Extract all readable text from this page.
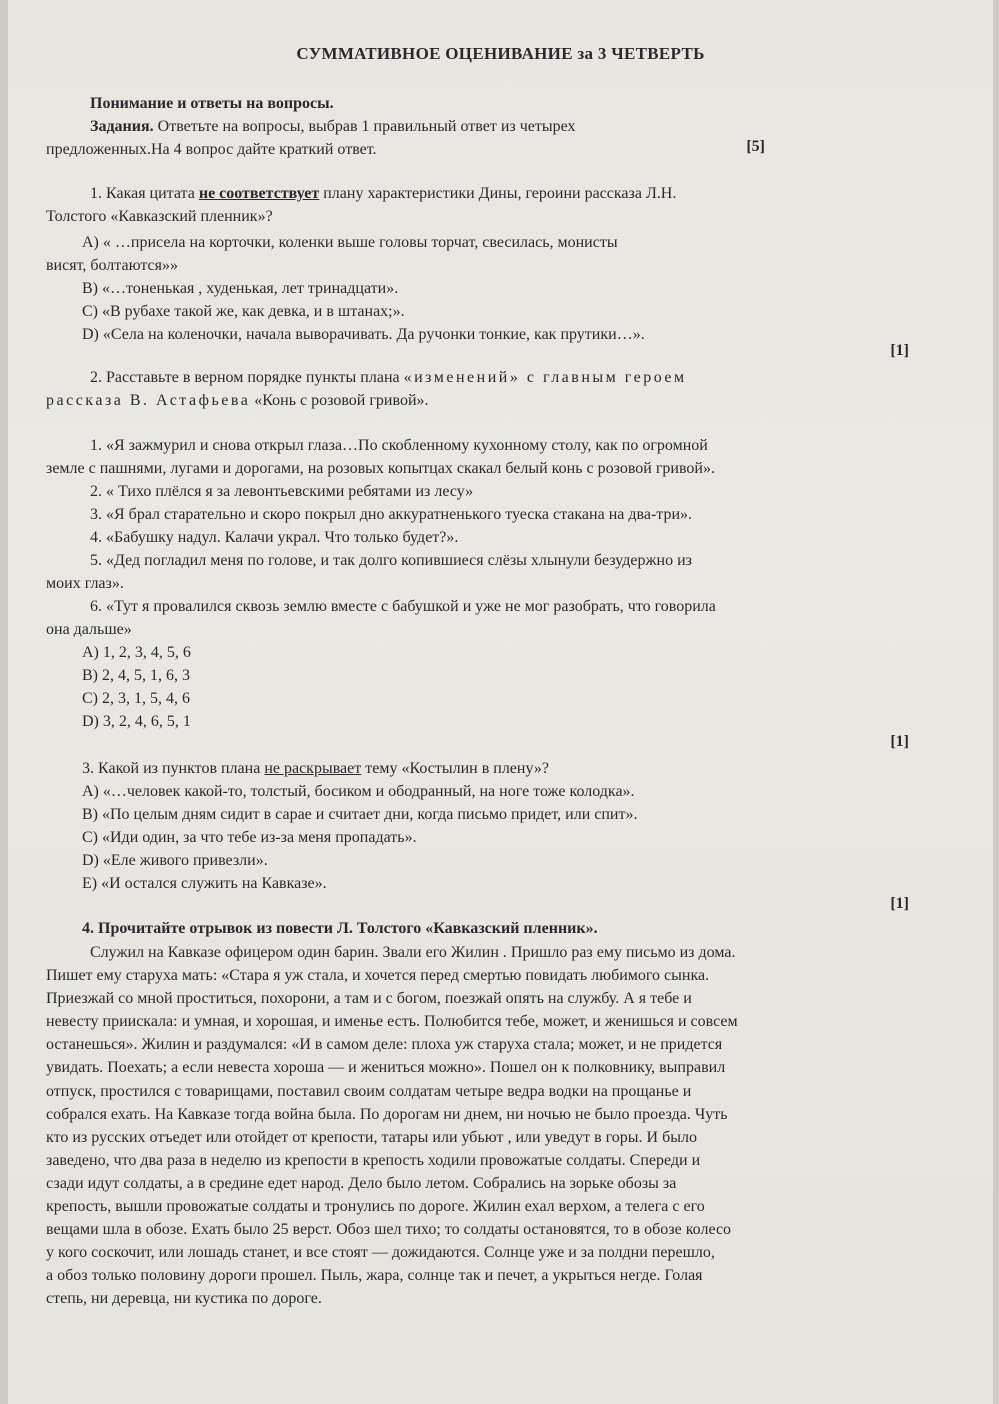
СУММАТИВНОЕ ОЦЕНИВАНИЕ за 3 ЧЕТВЕРТЬ
Понимание и ответы на вопросы.
Задания. Ответьте на вопросы, выбрав 1 правильный ответ из четырех
предложенных.На 4 вопрос дайте краткий ответ.	[5]
1. Какая цитата не соответствует плану характеристики Дины, героини рассказа Л.Н.
Толстого «Кавказский пленник»?
А) « …присела на корточки, коленки выше головы торчат, свесилась, монисты
висят, болтаются»»
В) «…тоненькая , худенькая, лет тринадцати».
С) «В рубахе такой же, как девка, и в штанах;».
D) «Села на коленочки, начала выворачивать. Да ручонки тонкие, как прутики…».
[1]
2. Расставьте в верном порядке пункты плана «изменений» с главным героем
рассказа В. Астафьева «Конь с розовой гривой».
1. «Я зажмурил и снова открыл глаза…По скобленному кухонному столу, как по огромной
земле с пашнями, лугами и дорогами, на розовых копытцах скакал белый конь с розовой гривой».
2. « Тихо плёлся я за левонтьевскими ребятами из лесу»
3. «Я брал старательно и скоро покрыл дно аккуратненького туеска стакана на два-три».
4. «Бабушку надул. Калачи украл. Что только будет?».
5. «Дед погладил меня по голове, и так долго копившиеся слёзы хлынули безудержно из
моих глаз».
6. «Тут я провалился сквозь землю вместе с бабушкой и уже не мог разобрать, что говорила
она дальше»
А) 1, 2, 3, 4, 5, 6
В) 2, 4, 5, 1, 6, 3
С) 2, 3, 1, 5, 4, 6
D) 3, 2, 4, 6, 5, 1
[1]
3. Какой из пунктов плана не раскрывает тему «Костылин в плену»?
А) «…человек какой-то, толстый, босиком и ободранный, на ноге тоже колодка».
В) «По целым дням сидит в сарае и считает дни, когда письмо придет, или спит».
С) «Иди один, за что тебе из-за меня пропадать».
D) «Еле живого привезли».
Е) «И остался служить на Кавказе».
[1]
4. Прочитайте отрывок из повести Л. Толстого «Кавказский пленник».
Служил на Кавказе офицером один барин. Звали его Жилин . Пришло раз ему письмо из дома.
Пишет ему старуха мать: «Стара я уж стала, и хочется перед смертью повидать любимого сынка.
Приезжай со мной проститься, похорони, а там и с богом, поезжай опять на службу. А я тебе и
невесту приискала: и умная, и хорошая, и именье есть. Полюбится тебе, может, и женишься и совсем
останешься». Жилин и раздумался: «И в самом деле: плоха уж старуха стала; может, и не придется
увидать. Поехать; а если невеста хороша — и жениться можно». Пошел он к полковнику, выправил
отпуск, простился с товарищами, поставил своим солдатам четыре ведра водки на прощанье и
собрался ехать. На Кавказе тогда война была. По дорогам ни днем, ни ночью не было проезда. Чуть
кто из русских отъедет или отойдет от крепости, татары или убьют , или уведут в горы. И было
заведено, что два раза в неделю из крепости в крепость ходили провожатые солдаты. Спереди и
сзади идут солдаты, а в средине едет народ. Дело было летом. Собрались на зорьке обозы за
крепость, вышли провожатые солдаты и тронулись по дороге. Жилин ехал верхом, а телега с его
вещами шла в обозе. Ехать было 25 верст. Обоз шел тихо; то солдаты остановятся, то в обозе колесо
у кого соскочит, или лошадь станет, и все стоят — дожидаются. Солнце уже и за полдни перешло,
а обоз только половину дороги прошел. Пыль, жара, солнце так и печет, а укрыться негде. Голая
степь, ни деревца, ни кустика по дороге.
